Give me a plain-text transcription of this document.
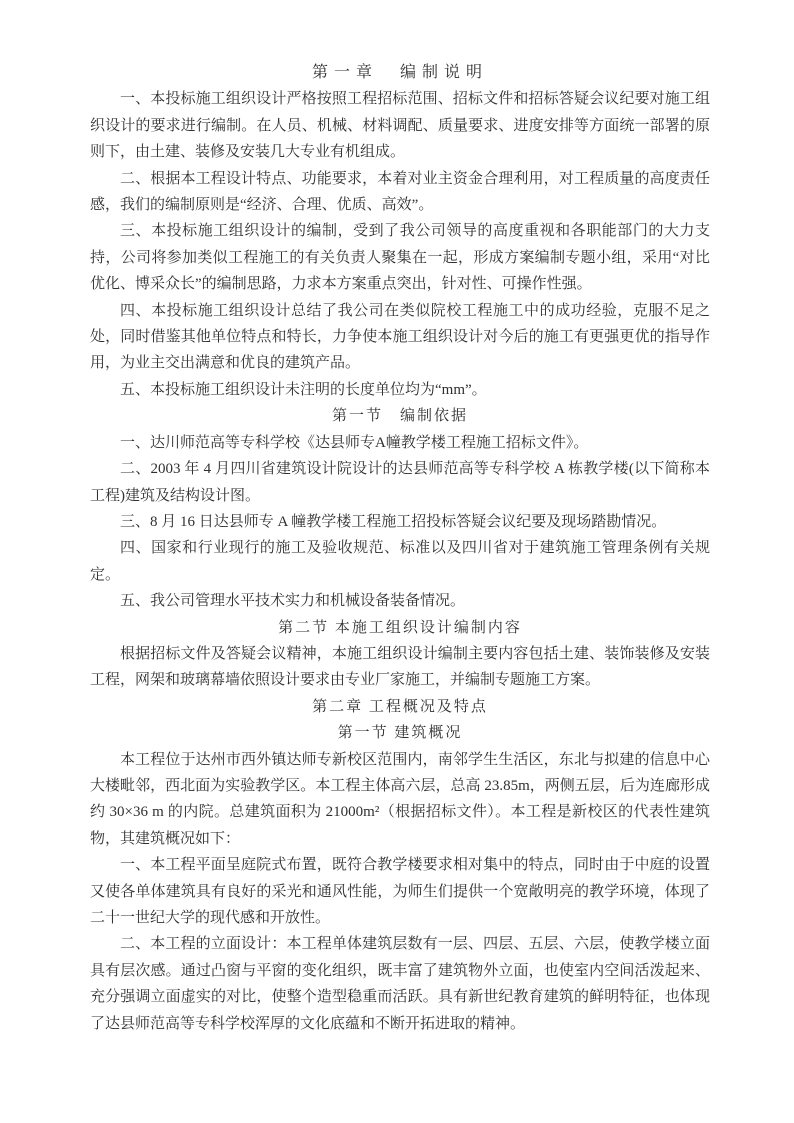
第一章　编制说明

一、本投标施工组织设计严格按照工程招标范围、招标文件和招标答疑会议纪要对施工组织设计的要求进行编制。在人员、机械、材料调配、质量要求、进度安排等方面统一部署的原则下，由土建、装修及安装几大专业有机组成。

二、根据本工程设计特点、功能要求，本着对业主资金合理利用，对工程质量的高度责任感，我们的编制原则是“经济、合理、优质、高效”。

三、本投标施工组织设计的编制，受到了我公司领导的高度重视和各职能部门的大力支持，公司将参加类似工程施工的有关负责人聚集在一起，形成方案编制专题小组，采用“对比优化、博采众长”的编制思路，力求本方案重点突出，针对性、可操作性强。

四、本投标施工组织设计总结了我公司在类似院校工程施工中的成功经验，克服不足之处，同时借鉴其他单位特点和特长，力争使本施工组织设计对今后的施工有更强更优的指导作用，为业主交出满意和优良的建筑产品。

五、本投标施工组织设计未注明的长度单位均为“mm”。

第一节　编制依据

一、达川师范高等专科学校《达县师专A幢教学楼工程施工招标文件》。

二、2003 年 4 月四川省建筑设计院设计的达县师范高等专科学校 A 栋教学楼(以下简称本工程)建筑及结构设计图。

三、8 月 16 日达县师专 A 幢教学楼工程施工招投标答疑会议纪要及现场踏勘情况。

四、国家和行业现行的施工及验收规范、标准以及四川省对于建筑施工管理条例有关规定。

五、我公司管理水平技术实力和机械设备装备情况。

第二节 本施工组织设计编制内容

根据招标文件及答疑会议精神，本施工组织设计编制主要内容包括土建、装饰装修及安装工程，网架和玻璃幕墙依照设计要求由专业厂家施工，并编制专题施工方案。

第二章 工程概况及特点
第一节 建筑概况

本工程位于达州市西外镇达师专新校区范围内，南邻学生生活区，东北与拟建的信息中心大楼毗邻，西北面为实验教学区。本工程主体高六层，总高 23.85m，两侧五层，后为连廊形成约 30×36 m 的内院。总建筑面积为 21000m²（根据招标文件）。本工程是新校区的代表性建筑物，其建筑概况如下：

一、本工程平面呈庭院式布置，既符合教学楼要求相对集中的特点，同时由于中庭的设置又使各单体建筑具有良好的采光和通风性能，为师生们提供一个宽敞明亮的教学环境，体现了二十一世纪大学的现代感和开放性。

二、本工程的立面设计：本工程单体建筑层数有一层、四层、五层、六层，使教学楼立面具有层次感。通过凸窗与平窗的变化组织，既丰富了建筑物外立面，也使室内空间活泼起来、充分强调立面虚实的对比，使整个造型稳重而活跃。具有新世纪教育建筑的鲜明特征，也体现了达县师范高等专科学校浑厚的文化底蕴和不断开拓进取的精神。
